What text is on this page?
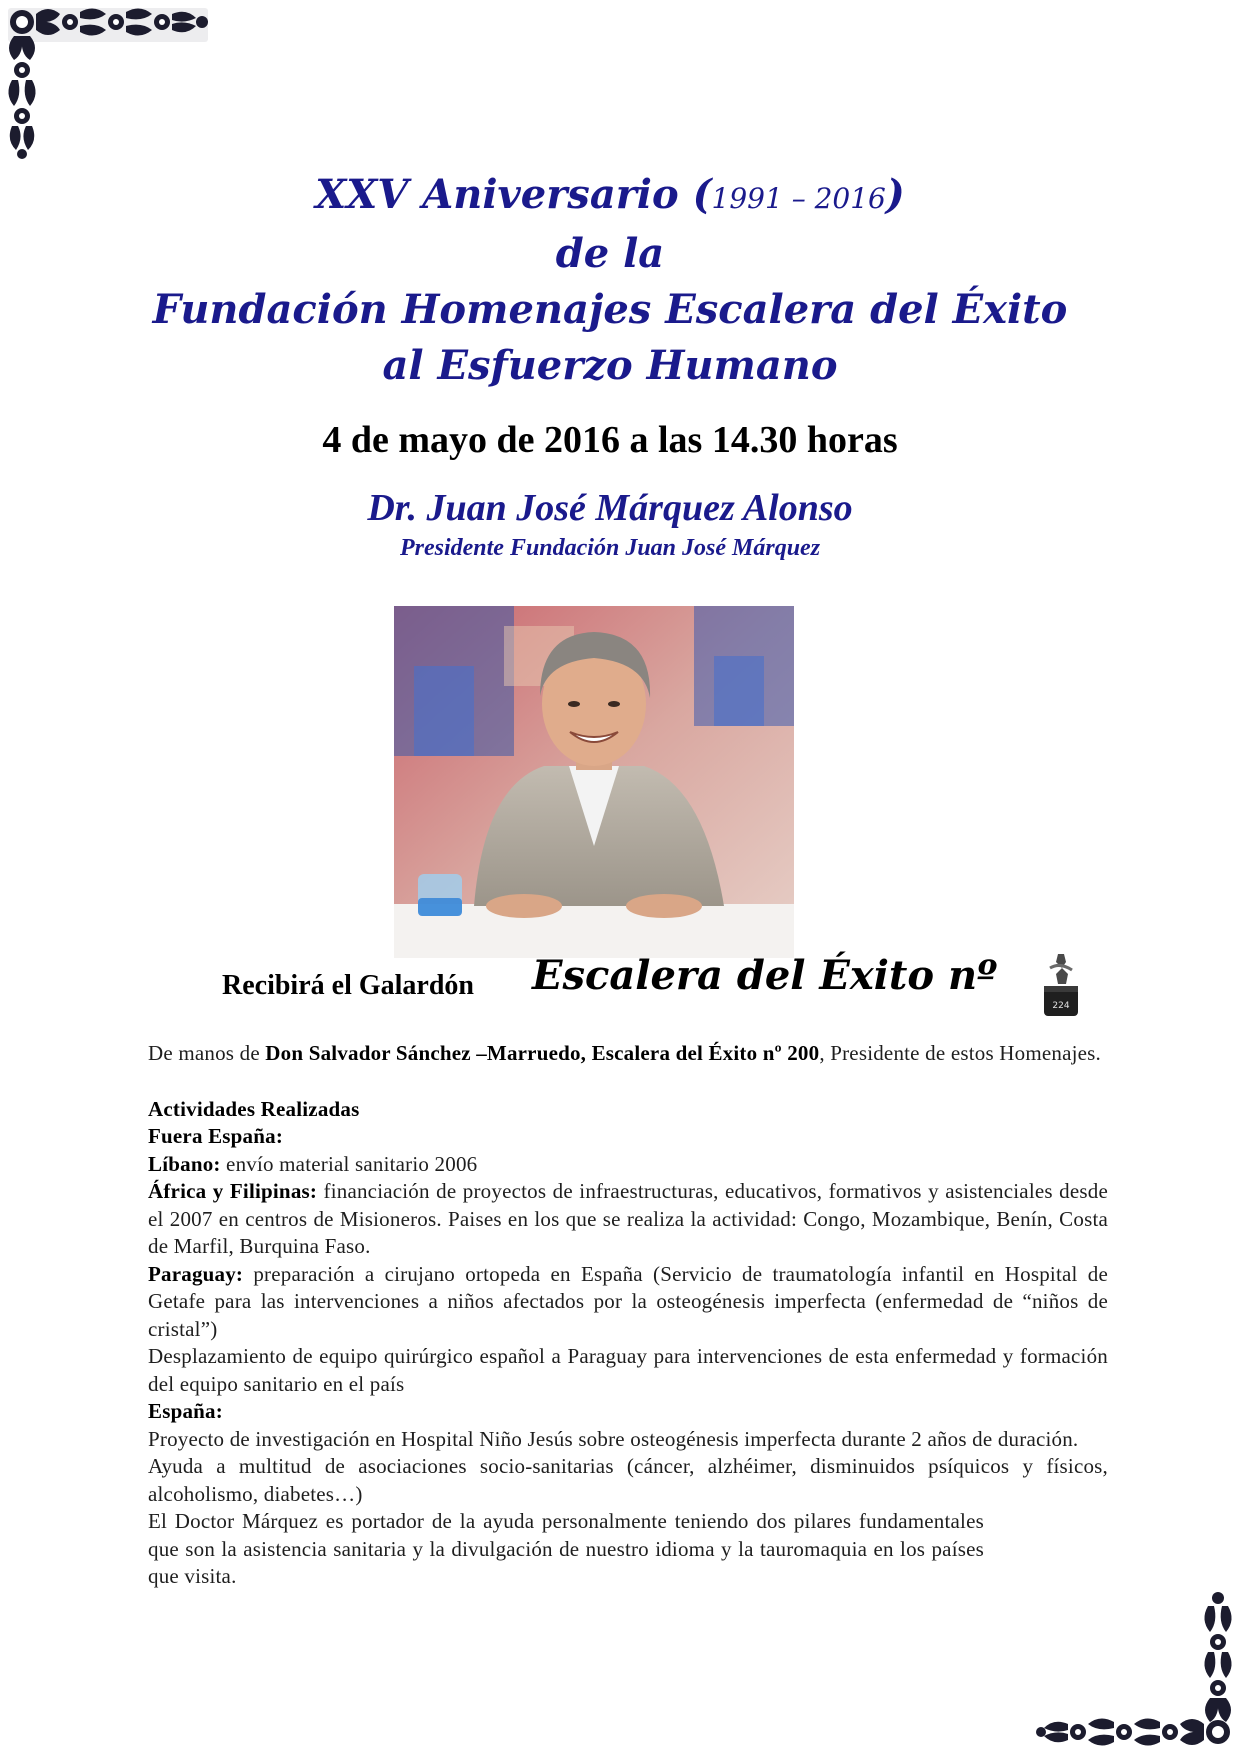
XXV Aniversario (1991 – 2016)
de la
Fundación Homenajes Escalera del Éxito
al Esfuerzo Humano
4 de mayo de 2016 a las 14.30 horas
Dr. Juan José Márquez Alonso
Presidente Fundación Juan José Márquez
Recibirá el Galardón Escalera del Éxito nº
224

De manos de Don Salvador Sánchez –Marruedo, Escalera del Éxito nº 200, Presidente de estos Homenajes.

Actividades Realizadas

Fuera España:

Líbano: envío material sanitario 2006

África y Filipinas: financiación de proyectos de infraestructuras, educativos, formativos y asistenciales desde el 2007 en centros de Misioneros. Paises en los que se realiza la actividad: Congo, Mozambique, Benín, Costa de Marfil, Burquina Faso.

Paraguay: preparación a cirujano ortopeda en España (Servicio de traumatología infantil en Hospital de Getafe para las intervenciones a niños afectados por la osteogénesis imperfecta (enfermedad de “niños de cristal”)

Desplazamiento de equipo quirúrgico español a Paraguay para intervenciones de esta enfermedad y formación del equipo sanitario en el país

España:

Proyecto de investigación en Hospital Niño Jesús sobre osteogénesis imperfecta durante 2 años de duración.

Ayuda a multitud de asociaciones socio-sanitarias (cáncer, alzhéimer, disminuidos psíquicos y físicos, alcoholismo, diabetes…)

El Doctor Márquez es portador de la ayuda personalmente teniendo dos pilares fundamentales que son la asistencia sanitaria y la divulgación de nuestro idioma y la tauromaquia en los países que visita.
